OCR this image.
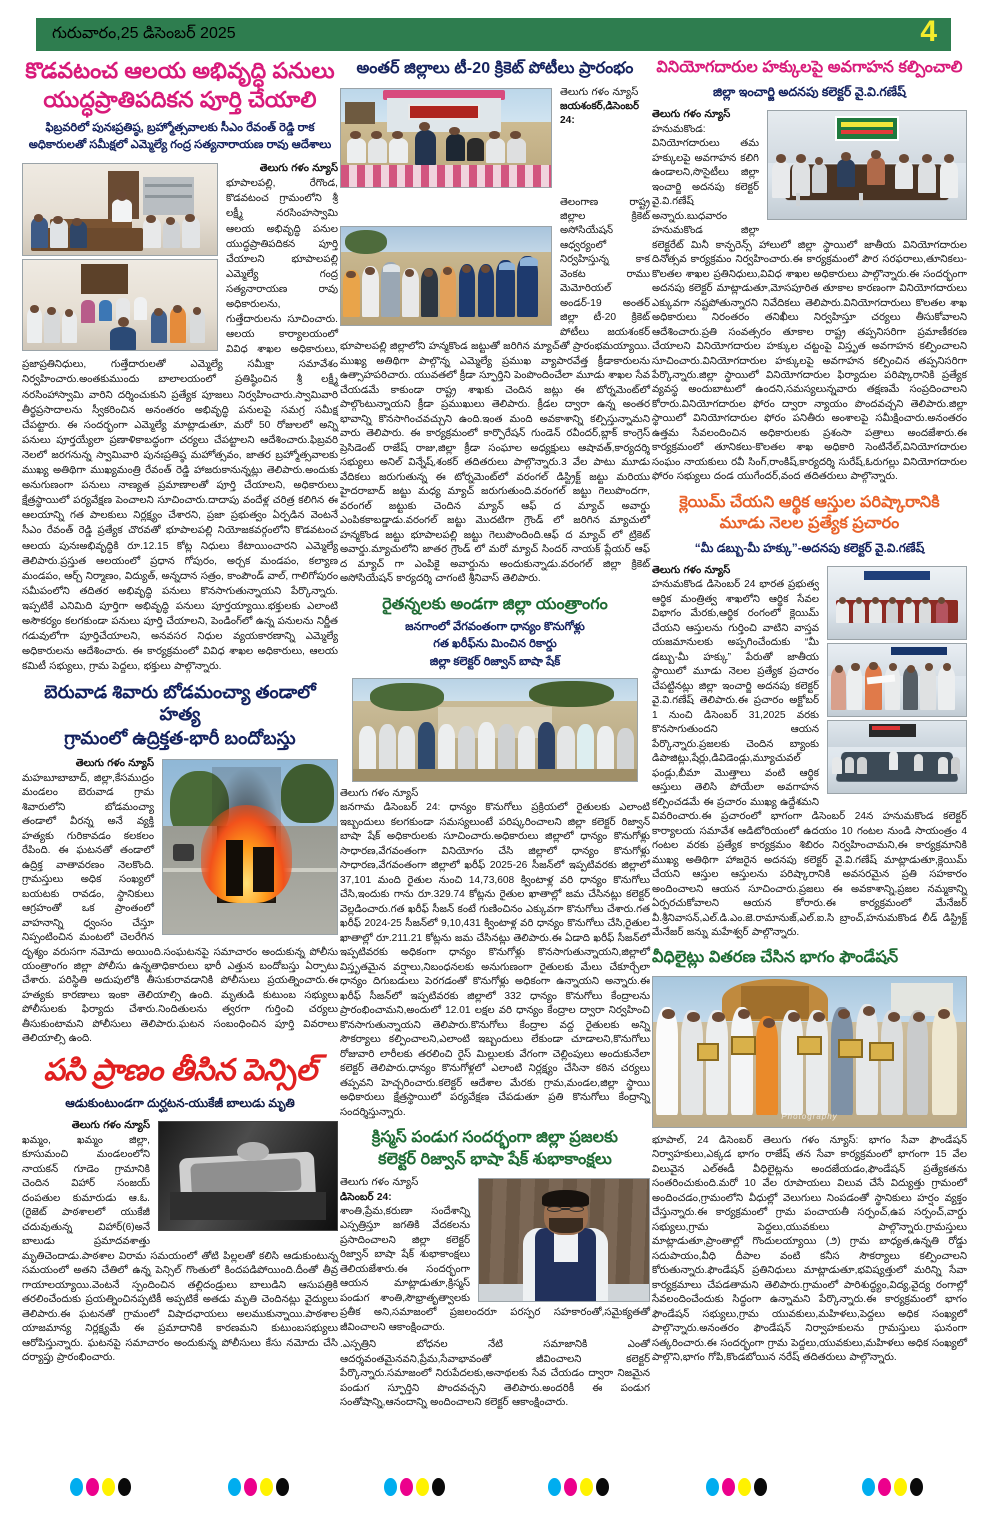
గురువారం,25 డిసెంబర్ 2025	4
కొడవటంచ ఆలయ అభివృద్ధి పనులు
యుద్ధప్రాతిపదికన పూర్తి చేయాలి
ఫిబ్రవరిలో పునఃప్రతిష్ఠ, బ్రహ్మోత్సవాలకు సీఎం రేవంత్ రెడ్డి రాక
అధికారులతో సమీక్షలో ఎమ్మెల్యే గంద్ర సత్యనారాయణ రావు ఆదేశాలు
తెలుగు గళం న్యూస్
భూపాలపల్లి, రేగొండ, కొడవటంచ గ్రామంలోని శ్రీ లక్ష్మీ నరసింహస్వామి ఆలయ అభివృద్ధి పనుల యుద్ధప్రాతిపదికన పూర్తి చేయాలని భూపాలపల్లి ఎమ్మెల్యే గంద్ర సత్యనారాయణ రావు అధికారులను, గుత్తేదారులను సూచించారు. ఆలయ కార్యాలయంలో వివిధ శాఖల అధికారులు, ప్రజాప్రతినిధులు, గుత్తేదారులతో ఎమ్మెల్యే సమీక్షా సమావేశం నిర్వహించారు.అంతకుముందు బాలాలయంలో ప్రతిష్ఠించిన శ్రీ లక్ష్మీ నరసింహాస్వామి వారిని దర్శించుకుని ప్రత్యేక పూజలు నిర్వహించారు.స్వామివారి తీర్థప్రసాదాలను స్వీకరించిన అనంతరం అభివృద్ధి పనులపై సమగ్ర సమీక్ష చేపట్టారు. ఈ సందర్భంగా ఎమ్మెల్యే మాట్లాడుతూ, మరో 50 రోజులలో అన్ని పనులు పూర్తయ్యేలా ప్రణాళికాబద్ధంగా చర్యలు చేపట్టాలని ఆదేశించారు.ఫిబ్రవరి నెలలో జరగనున్న స్వామివారి పునఃప్రతిష్ఠ మహోత్సవం, జాతర బ్రహ్మోత్సవాలకు ముఖ్య అతిథిగా ముఖ్యమంత్రి రేవంత్ రెడ్డి హాజరుకానున్నట్లు తెలిపారు.అందుకు అనుగుణంగా పనులు నాణ్యత ప్రమాణాలతో పూర్తి చేయాలని, అధికారులు క్షేత్రస్థాయిలో పర్యవేక్షణ పెంచాలని సూచించారు.దాదాపు వందేళ్ల చరిత్ర కలిగిన ఈ ఆలయాన్ని గత పాలకులు నిర్లక్ష్యం చేశారని, ప్రజా ప్రభుత్వం ఏర్పడిన వెంటనే సీఎం రేవంత్ రెడ్డి ప్రత్యేక చొరవతో భూపాలపల్లి నియోజకవర్గంలోని కొడవటంచ ఆలయ పునఃఅభివృద్ధికి రూ.12.15 కోట్ల నిధులు కేటాయించారని ఎమ్మెల్యే తెలిపారు.ప్రస్తుత ఆలయంలో ప్రధాన గోపురం, అర్చక మండపం, కల్యాణ మండపం, ఆర్చ్ నిర్మాణం, విద్యుత్, అన్నదాన సత్రం, కాంపౌండ్ వాల్, గాలిగోపురం సమీపంలోని తదితర అభివృద్ధి పనులు కొనసాగుతున్నాయని పేర్కొన్నారు. ఇప్పటికే ఎనిమిది పూర్తిగా అభివృద్ధి పనులు పూర్తయ్యాయి.భక్తులకు ఎలాంటి అసౌకర్యం కలగకుండా పనులు పూర్తి చేయాలని, పెండింగ్‌లో ఉన్న పనులను నిర్ణీత గడువులోగా పూర్తిచేయాలని, అనవసర నిధుల వ్యయకారణాన్ని ఎమ్మెల్యే అధికారులను ఆదేశించారు. ఈ కార్యక్రమంలో వివిధ శాఖల అధికారులు, ఆలయ కమిటీ సభ్యులు, గ్రామ పెద్దలు, భక్తులు పాల్గొన్నారు.
బెరువాడ శివారు బోడమంచ్యా తండాలో హత్య
గ్రామంలో ఉద్రిక్తత-భారీ బందోబస్తు
తెలుగు గళం న్యూస్
మహబూబాబాద్, జిల్లా,కేసముద్రం మండలం బెరువాడ గ్రామ శివారులోని బోడమంచ్యా తండాలో వీరన్న అనే వ్యక్తి హత్యకు గురికావడం కలకలం రేపింది. ఈ ఘటనతో తండాలో ఉద్రిక్త వాతావరణం నెలకొంది. గ్రామస్తులు అధిక సంఖ్యలో బయటకు రావడం, స్థానికులు ఆగ్రహంతో ఒక ప్రాంతంలో వాహనాన్ని ధ్వంసం చేస్తూ నిప్పంటించిన మంటలో చెలరేగిన దృశ్యం వరుసగా నమోదు అయింది.సంఘటనపై సమాచారం అందుకున్న పోలీసు యంత్రాంగం జిల్లా పోలీసు ఉన్నతాధికారులు భారీ ఎత్తున బందోబస్తు ఏర్పాటు చేశారు. పరిస్థితి అదుపులోకి తీసుకురావడానికి పోలీసులు ప్రయత్నించారు.ఈ హత్యకు కారణాలు ఇంకా తెలియాల్సి ఉంది. మృతుడి కుటుంబ సభ్యులు పోలీసులకు ఫిర్యాదు చేశారు.నిందితులను త్వరగా గుర్తించి చర్యలు తీసుకుంటామని పోలీసులు తెలిపారు.ఘటన సంబంధించిన పూర్తి వివరాలు తెలియాల్సి ఉంది.
పసి ప్రాణం తీసిన పెన్సిల్
ఆడుకుంటుండగా దుర్ఘటన-యుకేజీ బాలుడు మృతి
తెలుగు గళం న్యూస్
ఖమ్మం, ఖమ్మం జిల్లా, కూసుమంచి మండలంలోని నాయకన్ గూడెం గ్రామానికి చెందిన విహార్ సంజయ్ దంపతుల కుమారుడు ఆ.ఓ.(రైజెట్ పాఠశాలలో యుకేజీ చదువుతున్న విహార్(6)అనే బాలుడు ప్రమాదవశాత్తు మృతిచెందాడు.పాఠశాల విరామ సమయంలో తోటి పిల్లలతో కలిసి ఆడుకుంటున్న సమయంలో అతని చేతిలో ఉన్న పెన్సిల్ గొంతులో కిందపడిపోయింది.దీంతో తీవ్ర గాయాలయ్యాయి.వెంటనే స్పందించిన తల్లిదండ్రులు బాలుడిని ఆసుపత్రికి తరలించేందుకు ప్రయత్నించినప్పటికీ అప్పటికే అతడు మృతి చెందినట్లు వైద్యులు తెలిపారు.ఈ ఘటనతో గ్రామంలో విషాదఛాయలు అలముకున్నాయి.పాఠశాల యాజమాన్య నిర్లక్ష్యమే ఈ ప్రమాదానికి కారణమని కుటుంబసభ్యులు ఆరోపిస్తున్నారు. ఘటనపై సమాచారం అందుకున్న పోలీసులు కేసు నమోదు చేసి దర్యాప్తు ప్రారంభించారు.
అంతర్ జిల్లాలు టీ-20 క్రికెట్ పోటీలు ప్రారంభం
తెలుగు గళం న్యూస్
జయశంకర్,డిసెంబర్ 24:
తెలంగాణ రాష్ట్ర జిల్లాల క్రికెట్ అసోసియేషన్ ఆధ్వర్యంలో నిర్వహిస్తున్న కాక వెంకట రాము మెమోరియల్ అండర్-19 అంతర్ జిల్లా టీ-20 క్రికెట్ పోటీలు జయశంకర్ భూపాలపల్లి జిల్లాలోని హన్మకొండ జట్టుతో జరిగిన మ్యాచ్‌తో ప్రారంభమయ్యాయి. ముఖ్య అతిథిగా పాల్గొన్న ఎమ్మెల్యే ప్రముఖ వ్యాపారవేత్త క్రీడాకారులను ఉత్సాహపరిచారు. యువతలో క్రీడా స్ఫూర్తిని పెంపొందించేలా మూడు శాఖల సేవ చేయడమే కాకుండా రాష్ట్ర శాఖకు చెందిన జట్లు ఈ టోర్నమెంట్‌లో పాల్గొంటున్నాయని క్రీడా ప్రముఖులు తెలిపారు. క్రీడల ద్వారా ఉన్న అంతర భావాన్ని కొనసాగించవచ్చుని ఉంది.ఇంత మంది అవకాశాన్ని కల్పిస్తున్నామని వారు తెలిపారు. ఈ కార్యక్రమంలో కార్పొరేషన్ గుండెన్ రవీందర్,బ్లాక్ కాంగ్రెస్ ప్రెసిడెంట్ రాజేష్ రాజు,జిల్లా క్రీడా సంఘాల అధ్యక్షులు ఆషావత్,కార్యదర్శి సభ్యులు అనిల్ విన్నేష్,శంకర్ తదితరులు పాల్గొన్నారు.3 వేల పాటు మూడు వేదికలు జరుగుతున్న ఈ టోర్నమెంట్‌లో వరంగల్ డిస్ట్రిక్ట్ జట్టు మరియు హైదరాబాద్ జట్టు మధ్య మ్యాచ్ జరుగుతుంది.వరంగల్ జట్టు గెలుపొందగా, వరంగల్ జట్టుకు చెందిన మ్యాన్ ఆఫ్ ద మ్యాచ్ అవార్డు ఎంపికకాబడ్డాడు.వరంగల్ జట్టు మొదటిగా గ్రౌండ్ లో జరిగిన మ్యాచులో హన్మకొండ జట్టు భూపాలపల్లి జట్టు గెలుపొందింది.ఆఫ్ ద మ్యాచ్ లో ట్రికెట్ అవార్డు.మ్యాచులోని జాతర గ్రౌండ్ లో మరో మ్యాచ్ సిందర్ నాయక్ ప్లేయర్ ఆఫ్ ద మ్యాచ్ గా ఎంపికై అవార్డును అందుకున్నాడు.వరంగల్ జిల్లా క్రికెట్ అసోసియేషన్ కార్యదర్శి చాగంటి శ్రీనివాస్ తెలిపారు.
రైతన్నలకు అండగా జిల్లా యంత్రాంగం
జనగాంలో వేగవంతంగా ధాన్యం కొనుగోళ్లు
గత ఖరీఫ్‌ను మించిన రికార్డు
జిల్లా కలెక్టర్ రిజ్వాన్ బాషా షేక్
తెలుగు గళం న్యూస్
జనగామ డిసెంబర్ 24: ధాన్యం కొనుగోలు ప్రక్రియలో రైతులకు ఎలాంటి ఇబ్బందులు కలగకుండా సమస్యలుంటే పరిష్కరించాలని జిల్లా కలెక్టర్ రిజ్వాన్ బాషా షేక్ అధికారులకు సూచించారు.అధికారులు జిల్లాలో ధాన్యం కొనుగోళ్లు సాధారణ,వేగవంతంగా వినియోగం చేసి జిల్లాలో ధాన్యం కొనుగోళ్లు సాధారణ,వేగవంతంగా జిల్లాలో ఖరీఫ్ 2025-26 సీజన్‌లో ఇప్పటివరకు జిల్లాలో 37,101 మంది రైతుల నుంచి 14,73,608 క్వింటాళ్ల వరి ధాన్యం కొనుగోలు చేసి,ఇందుకు గాను రూ.329.74 కోట్లను రైతుల ఖాతాల్లో జమ చేసినట్లు కలెక్టర్ వెల్లడించారు.గత ఖరీఫ్ సీజన్ కంటే గుణించినం ఎక్కువగా కొనుగోలు చేశారు.గత ఖరీఫ్ 2024-25 సీజన్‌లో 9,10,431 క్వింటాళ్ల వరి ధాన్యం కొనుగోలు చేసి,రైతుల ఖాతాల్లో రూ.211.21 కోట్లను జమ చేసినట్లు తెలిపారు.ఈ ఏడాది ఖరీఫ్ సీజన్‌లో ఇప్పటివరకు అధికంగా ధాన్యం కొనుగోళ్లు కొనసాగుతున్నాయని,జిల్లాలో విస్తృతమైన వర్షాలు,నిబంధనలకు అనుగుణంగా రైతులకు మేలు చేకూర్చేలా ధాన్యం దిగుబడులు పెరగడంతో కొనుగోళ్లు అధికంగా ఉన్నాయని అన్నారు.ఈ ఖరీఫ్ సీజన్‌లో ఇప్పటివరకు జిల్లాలో 332 ధాన్యం కొనుగోలు కేంద్రాలను ప్రారంభించామని,అందులో 12.01 లక్షల వరి ధాన్యం కేంద్రాల ద్వారా నిర్వహించి కొనసాగుతున్నాయని తెలిపారు.కొనుగోలు కేంద్రాల వద్ద రైతులకు అన్ని సౌకర్యాలు కల్పించాలని,ఎలాంటి ఇబ్బందులు లేకుండా చూడాలని,కొనుగోలు రోజువారి లారీలకు తరలించి రైస్ మిల్లులకు వేగంగా చెల్లింపులు అందుకునేలా కలెక్టర్ తెలిపారు.ధాన్యం కొనుగోళ్లలో ఎలాంటి నిర్లక్ష్యం చేసినా కఠిన చర్యలు తప్పవని హెచ్చరించారు.కలెక్టర్ ఆదేశాల మేరకు గ్రామ,మండల,జిల్లా స్థాయి అధికారులు క్షేత్రస్థాయిలో పర్యవేక్షణ చేపడుతూ ప్రతి కొనుగోలు కేంద్రాన్ని సందర్శిస్తున్నారు.
క్రిస్మస్ పండుగ సందర్భంగా జిల్లా ప్రజలకు
కలెక్టర్ రిజ్వాన్ భాషా షేక్ శుభాకాంక్షలు
తెలుగు గళం న్యూస్
డిసెంబర్ 24:
శాంతి,ప్రేమ,కరుణా సందేశాన్ని ఎస్పత్రిస్తూ జగతికి వేదకలను ప్రసాదించాలని జిల్లా కలెక్టర్ రిజ్వాన్ బాషా షేక్ శుభాకాంక్షలు తెలియజేశారు.ఈ సందర్భంగా ఆయన మాట్లాడుతూ,క్రిస్మస్ పండుగ శాంతి,సౌభ్రాతృత్వాలకు ప్రతీక అని,సమాజంలో ప్రజలందరూ పరస్పర సహకారంతో,సమైక్యతతో జీవించాలని ఆకాంక్షించారు.
.ఎస్పత్రిని బోధనల నేటి సమాజానికి ఎంతో ఆదర్శవంతమైనవని,ప్రేమ,సేవాభావంతో జీవించాలని కలెక్టర్ పేర్కొన్నారు.సమాజంలో నిరుపేదలకు,అనాథలకు సేవ చేయడం ద్వారా నిజమైన పండుగ స్ఫూర్తిని పొందవచ్చని తెలిపారు.అందరికీ ఈ పండుగ సంతోషాన్ని,ఆనందాన్ని అందించాలని కలెక్టర్ ఆకాంక్షించారు.
వినియోగదారుల హక్కులపై అవగాహన కల్పించాలి
జిల్లా ఇంచార్జి అదనపు కలెక్టర్ వై.వి.గణేష్
తెలుగు గళం న్యూస్
హనుమకొండ: వినియోగదారులు తమ హక్కులపై అవగాహన కలిగి ఉండాలని,సొసైటీలు జిల్లా ఇంచార్జి అదనపు కలెక్టర్ వై.వి.గణేష్ అన్నారు.బుధవారం హనుమకొండ జిల్లా కలెక్టరేట్ మినీ కాన్ఫరెన్స్ హాలులో జిల్లా స్థాయిలో జాతీయ వినియోగదారుల దినోత్సవ కార్యక్రమం నిర్వహించారు.ఈ కార్యక్రమంలో పౌర సరఫరాలు,తూనికలు-కొలతల శాఖల ప్రతినిధులు,వివిధ శాఖల అధికారులు పాల్గొన్నారు.ఈ సందర్భంగా అదనపు కలెక్టర్ మాట్లాడుతూ,మోసపూరిత తూకాల కారణంగా వినియోగదారులు ఎక్కువగా నష్టపోతున్నారని నివేదికలు తెలిపారు.వినియోగదారులు కొలతల శాఖ అధికారులు నిరంతరం తనిఖీలు నిర్వహిస్తూ చర్యలు తీసుకోవాలని ఆదేశించారు.ప్రతి సంవత్సరం తూకాల రాష్ట్ర తప్పనిసరిగా ప్రమాణీకరణ చేయాలని వినియోగదారుల హక్కుల చట్టంపై విస్తృత అవగాహన కల్పించాలని సూచించారు.వినియోగదారుల హక్కులపై అవగాహన కల్పించిన తప్పనిసరిగా పేర్కొన్నారు.జిల్లా స్థాయిలో వినియోగదారుల ఫిర్యాదుల పరిష్కారానికి ప్రత్యేక వ్యవస్థ అందుబాటులో ఉందని,సమస్యలున్నవారు తక్షణమే సంప్రదించాలని కోరారు.వినియోగదారుల ఫోరం ద్వారా న్యాయం పొందవచ్చని తెలిపారు.జిల్లా స్థాయిలో వినియోగదారుల ఫోరం పనితీరు అంశాలపై సమీక్షించారు.అనంతరం ఉత్తమ సేవలందించిన అధికారులకు ప్రశంసా పత్రాలు అందజేశారు.ఈ కార్యక్రమంలో తూనికలు-కొలతల శాఖ అధికారి సెంటినేల్,వినియోగదారుల సంఘం నాయకులు రవీ సింగ్,రాంకిష్,కార్యదర్శి సురేష్,ఓరుగల్లు వినియోగదారుల ఫోరం సభ్యులు దండ యుగేందర్,వంద తదితరులు పాల్గొన్నారు.
క్లెయిమ్ చేయని ఆర్థిక ఆస్తుల పరిష్కారానికి
మూడు నెలల ప్రత్యేక ప్రచారం
“మీ డబ్బు-మీ హక్కు”-అదనపు కలెక్టర్ వై.వి.గణేష్
తెలుగు గళం న్యూస్
హనుమకొండ డిసెంబర్ 24 భారత ప్రభుత్వ ఆర్థిక మంత్రిత్వ శాఖలోని ఆర్థిక సేవల విభాగం మేరకు,ఆర్థిక రంగంలో క్లెయిమ్ చేయని ఆస్తులను గుర్తించి వాటిని వాస్తవ యజమానులకు అప్పగించేందుకు “మీ డబ్బు-మీ హక్కు” పేరుతో జాతీయ స్థాయిలో మూడు నెలల ప్రత్యేక ప్రచారం చేపట్టినట్లు జిల్లా ఇంచార్జి అదనపు కలెక్టర్ వై.వి.గణేష్ తెలిపారు.ఈ ప్రచారం అక్టోబర్ 1 నుంచి డిసెంబర్ 31,2025 వరకు కొనసాగుతుందని ఆయన పేర్కొన్నారు.ప్రజలకు చెందిన బ్యాంకు డిపాజిట్లు,షేర్లు,డివిడెండ్లు,మ్యూచువల్ ఫండ్లు,బీమా మొత్తాలు వంటి ఆర్థిక ఆస్తులు తెలిసి పోయేలా అవగాహన కల్పించడమే ఈ ప్రచారం ముఖ్య ఉద్దేశమని వివరించారు.ఈ ప్రచారంలో భాగంగా డిసెంబర్ 24న హనుమకొండ కలెక్టర్ కార్యాలయ సమావేశ ఆడిటోరియంలో ఉదయం 10 గంటల నుండి సాయంత్రం 4 గంటల వరకు ప్రత్యేక కార్యక్రమం శిబిరం నిర్వహించామని,ఈ కార్యక్రమానికి ముఖ్య అతిథిగా హాజరైన అదనపు కలెక్టర్ వై.వి.గణేష్ మాట్లాడుతూ,క్లెయిమ్ చేయని ఆస్తుల ఆస్తులను పరిష్కారానికి అవసరమైన ప్రతి సహకారం అందించాలని ఆయన సూచించారు.ప్రజలు ఈ అవకాశాన్ని,ప్రజల నమ్మకాన్ని ఏర్పరచుకోవాలని ఆయన కోరారు.ఈ కార్యక్రమంలో మేనేజర్ వీ.శ్రీనివాసన్,ఎల్.డి.ఎం.జె.రామానుజ్,ఎల్.ఐ.సి బ్రాంచ్,హనుమకొండ లీడ్ డిస్ట్రిక్ట్ మేనేజర్ జన్ను మహేశ్వర్ పాల్గొన్నారు.
వీధిలైట్లు వితరణ చేసిన భాగం ఫౌండేషన్
Photography
భూపాల్, 24 డిసెంబర్ తెలుగు గళం న్యూస్: భాగం సేవా ఫౌండేషన్ నిర్వాహకులు,ఎక్కడ భాగం రాజేష్ తన సేవా కార్యక్రమంలో భాగంగా 15 వేల విలువైన ఎల్‌ఈడీ వీధిలైట్లను అందజేయడం,ఫౌండేషన్ ప్రత్యేకతను సంతరించుకుంది.మరో 10 వేల రూపాయలు విలువ చేసే విద్యుత్తు గ్రామంలో అందించడం,గ్రామంలోని వీధుల్లో వెలుగులు నింపడంతో స్థానికులు హర్షం వ్యక్తం చేస్తున్నారు.ఈ కార్యక్రమంలో గ్రామ పంచాయతీ సర్పంచ్,ఉప సర్పంచ్,వార్డు సభ్యులు,గ్రామ పెద్దలు,యువకులు పాల్గొన్నారు.గ్రామస్తులు మాట్లాడుతూ,ప్రాంతాల్లో గొందులయ్యాయి (౨) గ్రామ బాధ్యత,ఉన్నతి రోడ్డు సదుపాయం,వీధి దీపాల వంటి కనీస సౌకర్యాలు కల్పించాలని కోరుతున్నారు.ఫౌండేషన్ ప్రతినిధులు మాట్లాడుతూ,భవిష్యత్తులో మరిన్ని సేవా కార్యక్రమాలు చేపడతామని తెలిపారు.గ్రామంలో పారిశుద్ధ్యం,విద్య,వైద్య రంగాల్లో సేవలందించేందుకు సిద్ధంగా ఉన్నామని పేర్కొన్నారు.ఈ కార్యక్రమంలో భాగం ఫౌండేషన్ సభ్యులు,గ్రామ యువకులు,మహిళలు,పెద్దలు అధిక సంఖ్యలో పాల్గొన్నారు.అనంతరం ఫౌండేషన్ నిర్వాహకులను గ్రామస్తులు ఘనంగా సత్కరించారు.ఈ సందర్భంగా గ్రామ పెద్దలు,యువకులు,మహిళలు అధిక సంఖ్యలో పాల్గొని,భాగం గోపి,కొండబోయిన నరేష్ తదితరులు పాల్గొన్నారు.
